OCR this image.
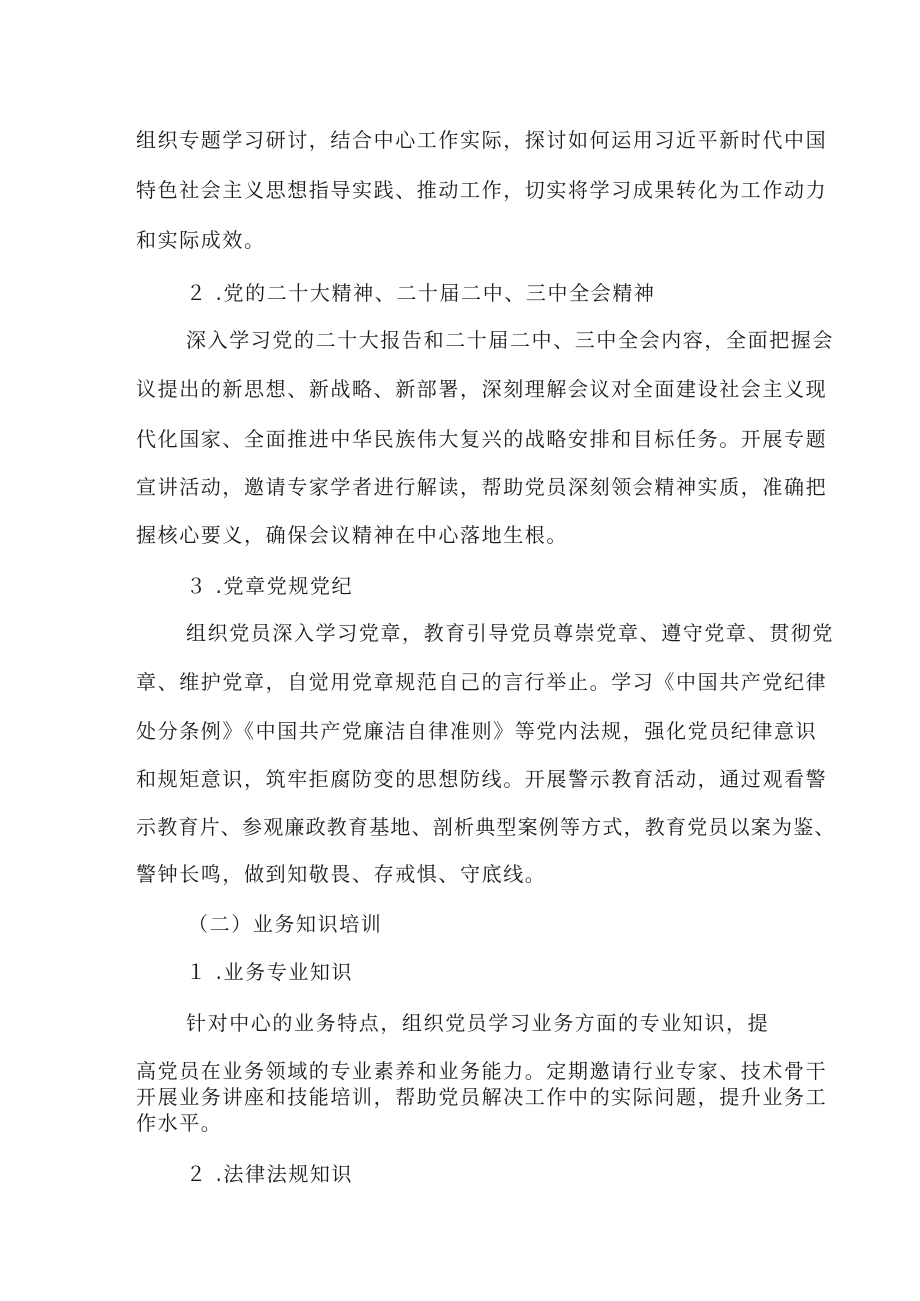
组织专题学习研讨，结合中心工作实际，探讨如何运用习近平新时代中国
特色社会主义思想指导实践、推动工作，切实将学习成果转化为工作动力
和实际成效。
２ .党的二十大精神、二十届二中、三中全会精神
深入学习党的二十大报告和二十届二中、三中全会内容，全面把握会
议提出的新思想、新战略、新部署，深刻理解会议对全面建设社会主义现
代化国家、全面推进中华民族伟大复兴的战略安排和目标任务。开展专题
宣讲活动，邀请专家学者进行解读，帮助党员深刻领会精神实质，准确把
握核心要义，确保会议精神在中心落地生根。
３ .党章党规党纪
组织党员深入学习党章，教育引导党员尊崇党章、遵守党章、贯彻党
章、维护党章，自觉用党章规范自己的言行举止。学习《中国共产党纪律
处分条例》《中国共产党廉洁自律准则》等党内法规，强化党员纪律意识
和规矩意识，筑牢拒腐防变的思想防线。开展警示教育活动，通过观看警
示教育片、参观廉政教育基地、剖析典型案例等方式，教育党员以案为鉴、
警钟长鸣，做到知敬畏、存戒惧、守底线。
（二）业务知识培训
１ .业务专业知识
针对中心的业务特点，组织党员学习业务方面的专业知识，提
高党员在业务领域的专业素养和业务能力。定期邀请行业专家、技术骨干
开展业务讲座和技能培训，帮助党员解决工作中的实际问题，提升业务工
作水平。
２ .法律法规知识
